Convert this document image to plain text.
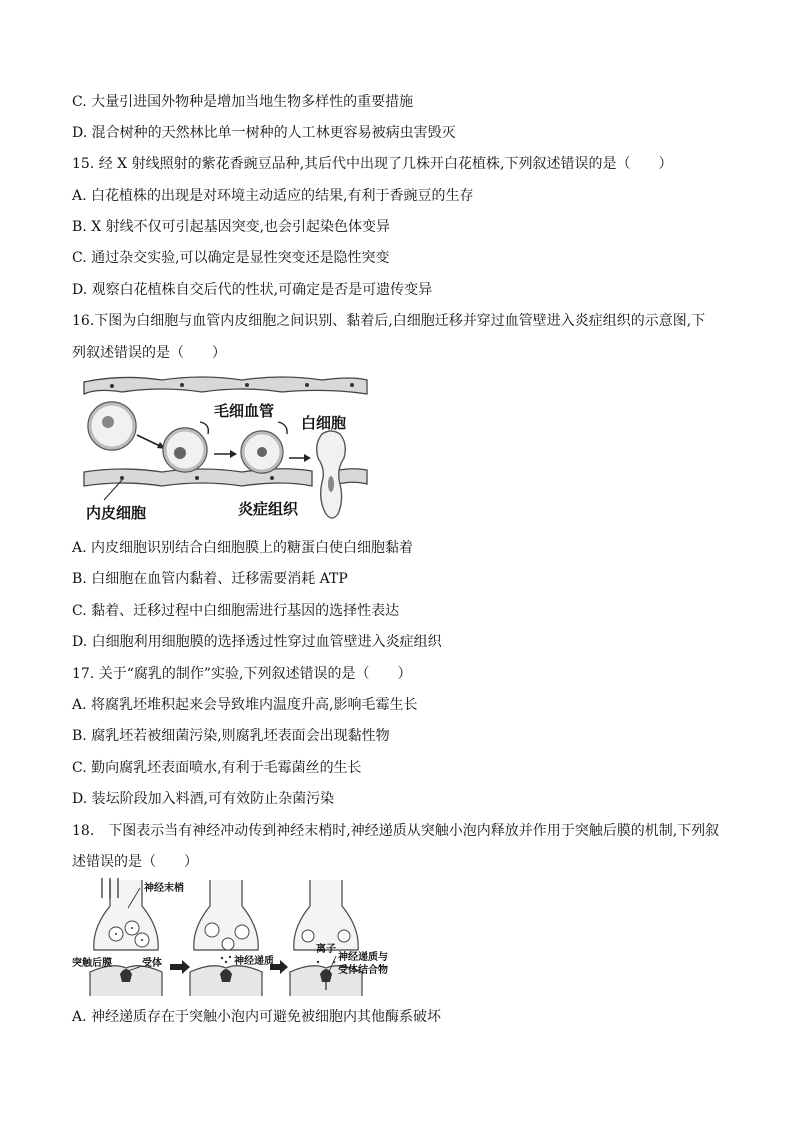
C. 大量引进国外物种是增加当地生物多样性的重要措施
D. 混合树种的天然林比单一树种的人工林更容易被病虫害毁灭
15. 经 X 射线照射的紫花香豌豆品种,其后代中出现了几株开白花植株,下列叙述错误的是（　　）
A. 白花植株的出现是对环境主动适应的结果,有利于香豌豆的生存
B. X 射线不仅可引起基因突变,也会引起染色体变异
C. 通过杂交实验,可以确定是显性突变还是隐性突变
D. 观察白花植株自交后代的性状,可确定是否是可遗传变异
16.下图为白细胞与血管内皮细胞之间识别、黏着后,白细胞迁移并穿过血管壁进入炎症组织的示意图,下
列叙述错误的是（　　）
毛细血管
白细胞
内皮细胞	炎症组织
A. 内皮细胞识别结合白细胞膜上的糖蛋白使白细胞黏着
B. 白细胞在血管内黏着、迁移需要消耗 ATP
C. 黏着、迁移过程中白细胞需进行基因的选择性表达
D. 白细胞利用细胞膜的选择透过性穿过血管壁进入炎症组织
17. 关于“腐乳的制作”实验,下列叙述错误的是（　　）
A. 将腐乳坯堆积起来会导致堆内温度升高,影响毛霉生长
B. 腐乳坯若被细菌污染,则腐乳坯表面会出现黏性物
C. 勤向腐乳坯表面喷水,有利于毛霉菌丝的生长
D. 装坛阶段加入料酒,可有效防止杂菌污染
18.　下图表示当有神经冲动传到神经末梢时,神经递质从突触小泡内释放并作用于突触后膜的机制,下列叙
述错误的是（　　）
神经末梢
突触后膜	受体	神经递质
离子
神经递质与
受体结合物
A. 神经递质存在于突触小泡内可避免被细胞内其他酶系破坏
